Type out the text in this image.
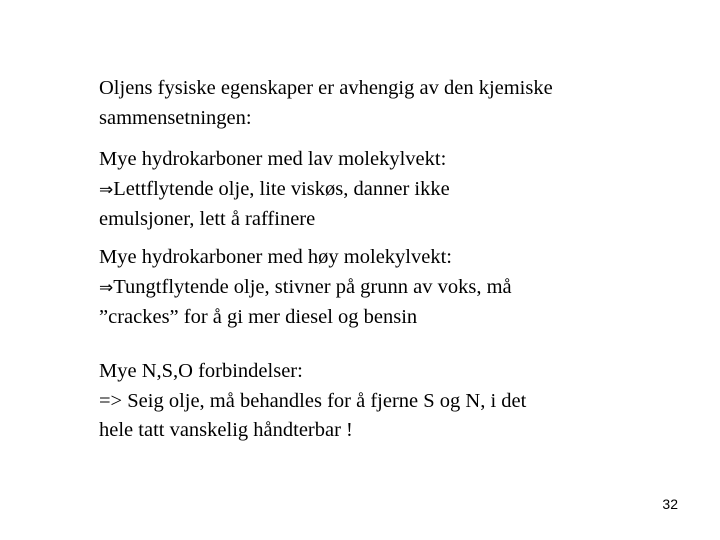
Oljens fysiske egenskaper er avhengig av den kjemiske
sammensetningen:

Mye hydrokarboner med lav molekylvekt:
⇒Lettflytende olje, lite viskøs, danner ikke
emulsjoner, lett å raffinere

Mye hydrokarboner med høy molekylvekt:
⇒Tungtflytende olje, stivner på grunn av voks, må
”crackes” for å gi mer diesel og bensin

Mye N,S,O forbindelser:
=> Seig olje, må behandles for å fjerne S og N, i det
hele tatt vanskelig håndterbar !

32
